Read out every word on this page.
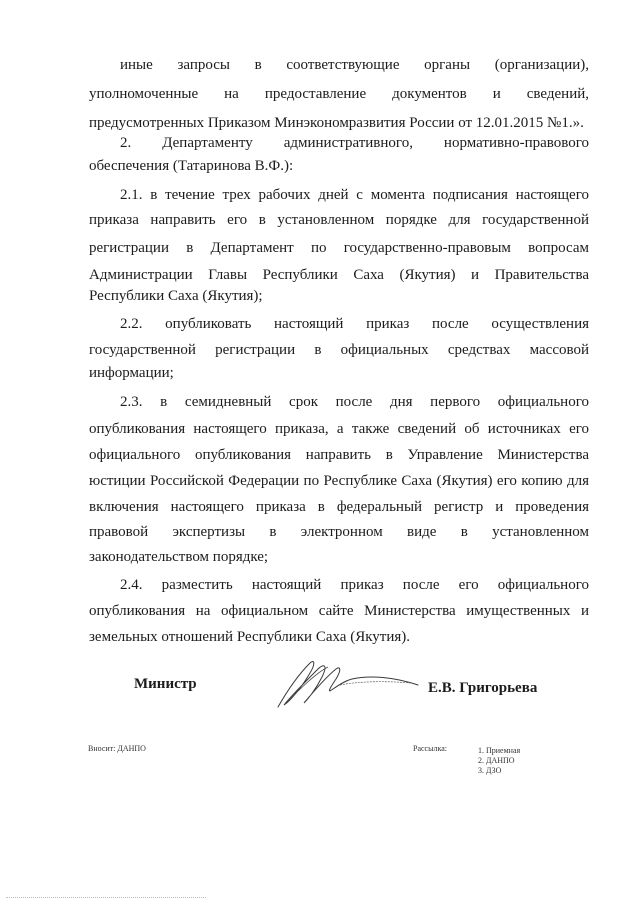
иные запросы в соответствующие органы (организации),
уполномоченные на предоставление документов и сведений,
предусмотренных Приказом Минэкономразвития России от 12.01.2015 №1.».
2. Департаменту административного, нормативно-правового
обеспечения (Татаринова В.Ф.):
2.1. в течение трех рабочих дней с момента подписания настоящего
приказа направить его в установленном порядке для государственной
регистрации в Департамент по государственно-правовым вопросам
Администрации Главы Республики Саха (Якутия) и Правительства
Республики Саха (Якутия);
2.2. опубликовать настоящий приказ после осуществления
государственной регистрации в официальных средствах массовой
информации;
2.3. в семидневный срок после дня первого официального
опубликования настоящего приказа, а также сведений об источниках его
официального опубликования направить в Управление Министерства
юстиции Российской Федерации по Республике Саха (Якутия) его копию для
включения настоящего приказа в федеральный регистр и проведения
правовой экспертизы в электронном виде в установленном
законодательством порядке;
2.4. разместить настоящий приказ после его официального
опубликования на официальном сайте Министерства имущественных и
земельных отношений Республики Саха (Якутия).
Министр	Е.В. Григорьева
Вносит: ДАНПО	Рассылка:	1. Приемная
2. ДАНПО
3. ДЗО
